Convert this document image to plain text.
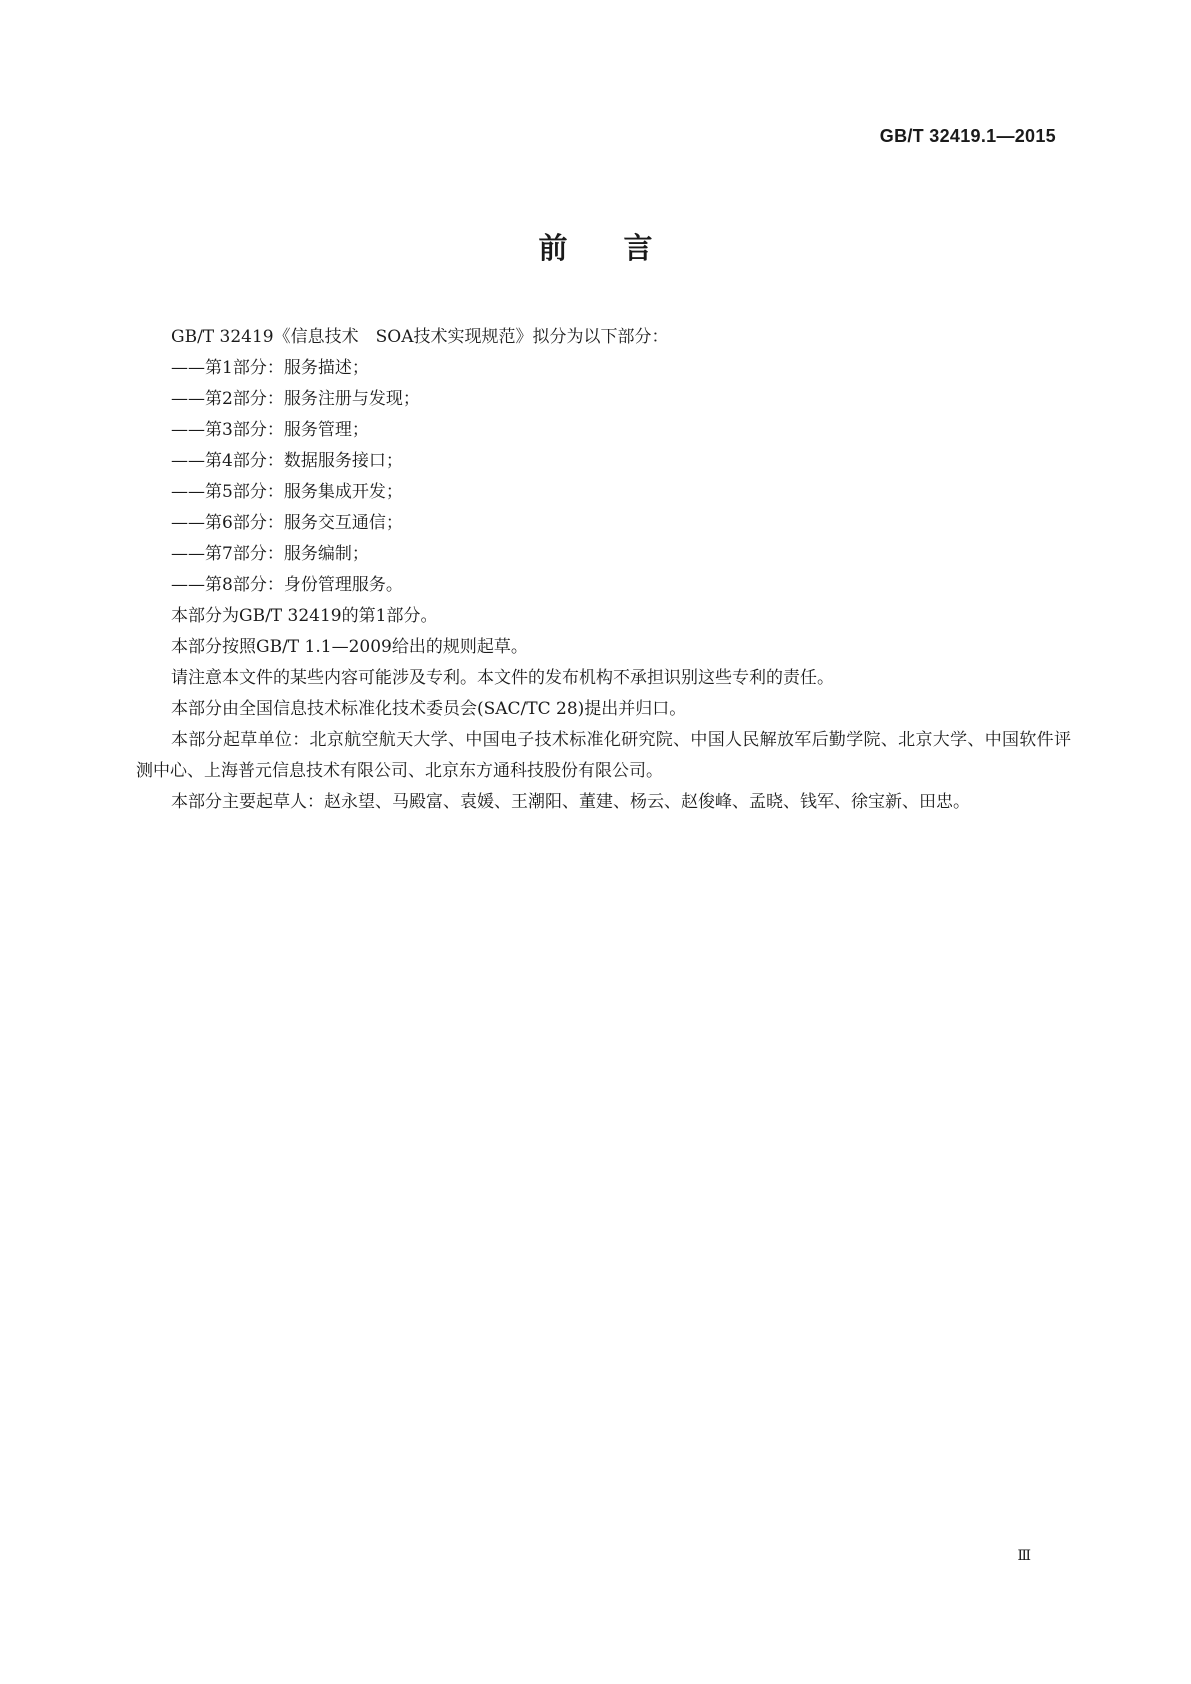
GB/T 32419.1—2015
前 言

GB/T 32419《信息技术　SOA技术实现规范》拟分为以下部分：

——第1部分：服务描述；

——第2部分：服务注册与发现；

——第3部分：服务管理；

——第4部分：数据服务接口；

——第5部分：服务集成开发；

——第6部分：服务交互通信；

——第7部分：服务编制；

——第8部分：身份管理服务。

本部分为GB/T 32419的第1部分。

本部分按照GB/T 1.1—2009给出的规则起草。

请注意本文件的某些内容可能涉及专利。本文件的发布机构不承担识别这些专利的责任。

本部分由全国信息技术标准化技术委员会(SAC/TC 28)提出并归口。

本部分起草单位：北京航空航天大学、中国电子技术标准化研究院、中国人民解放军后勤学院、北京大学、中国软件评测中心、上海普元信息技术有限公司、北京东方通科技股份有限公司。

本部分主要起草人：赵永望、马殿富、袁媛、王潮阳、董建、杨云、赵俊峰、孟晓、钱军、徐宝新、田忠。

Ⅲ
